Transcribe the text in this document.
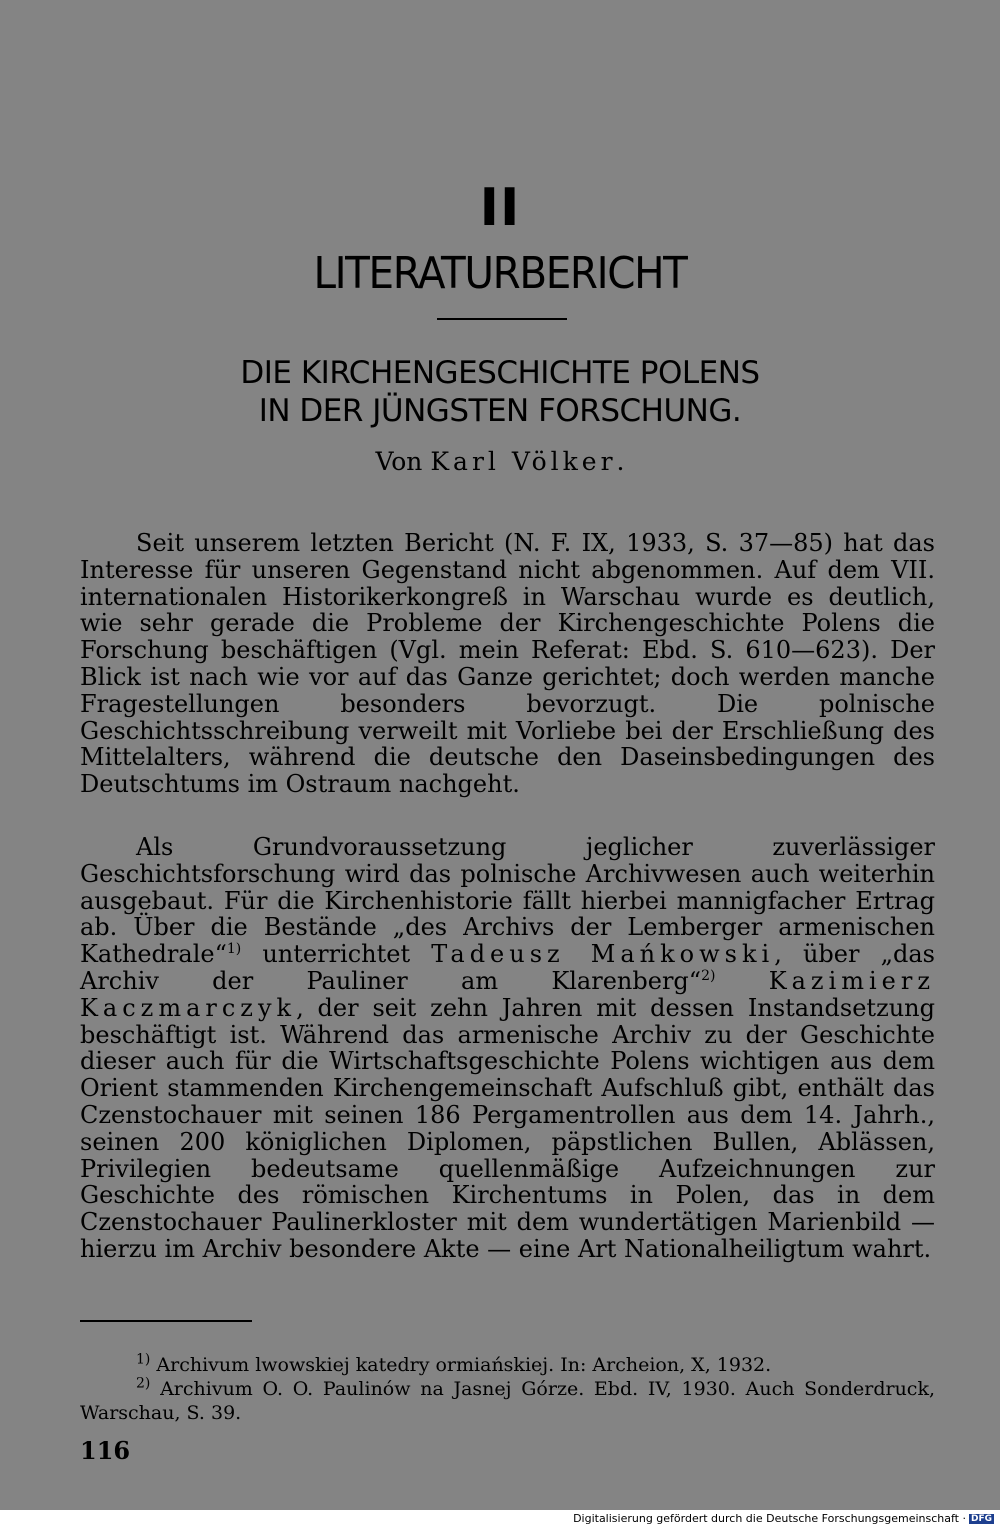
II
LITERATURBERICHT
DIE KIRCHENGESCHICHTE POLENS
IN DER JÜNGSTEN FORSCHUNG.
Von Karl Völker.

Seit unserem letzten Bericht (N. F. IX, 1933, S. 37—85) hat das Interesse für unseren Gegenstand nicht abgenommen. Auf dem VII. internationalen Historikerkongreß in Warschau wurde es deutlich, wie sehr gerade die Probleme der Kirchengeschichte Polens die Forschung beschäftigen (Vgl. mein Referat: Ebd. S. 610—623). Der Blick ist nach wie vor auf das Ganze gerichtet; doch werden manche Fragestellungen besonders bevorzugt. Die polnische Geschichtsschreibung verweilt mit Vorliebe bei der Erschließung des Mittelalters, während die deutsche den Daseinsbedingungen des Deutschtums im Ostraum nachgeht.

Als Grundvoraussetzung jeglicher zuverlässiger Geschichtsforschung wird das polnische Archivwesen auch weiterhin ausgebaut. Für die Kirchenhistorie fällt hierbei mannigfacher Ertrag ab. Über die Bestände „des Archivs der Lemberger armenischen Kathedrale“$^{1)}$ unterrichtet Tadeusz Mańkowski, über „das Archiv der Pauliner am Klarenberg“$^{2)}$ Kazimierz Kaczmarczyk, der seit zehn Jahren mit dessen Instandsetzung beschäftigt ist. Während das armenische Archiv zu der Geschichte dieser auch für die Wirtschaftsgeschichte Polens wichtigen aus dem Orient stammenden Kirchengemeinschaft Aufschluß gibt, enthält das Czenstochauer mit seinen 186 Pergamentrollen aus dem 14. Jahrh., seinen 200 königlichen Diplomen, päpstlichen Bullen, Ablässen, Privilegien bedeutsame quellenmäßige Aufzeichnungen zur Geschichte des römischen Kirchentums in Polen, das in dem Czenstochauer Paulinerkloster mit dem wundertätigen Marienbild — hierzu im Archiv besondere Akte — eine Art Nationalheiligtum wahrt.

$^{1)}$ Archivum lwowskiej katedry ormiańskiej. In: Archeion, X, 1932.

$^{2)}$ Archivum O. O. Paulinów na Jasnej Górze. Ebd. IV, 1930. Auch Sonderdruck, Warschau, S. 39.

116
Digitalisierung gefördert durch die Deutsche Forschungsgemeinschaft · DFG
